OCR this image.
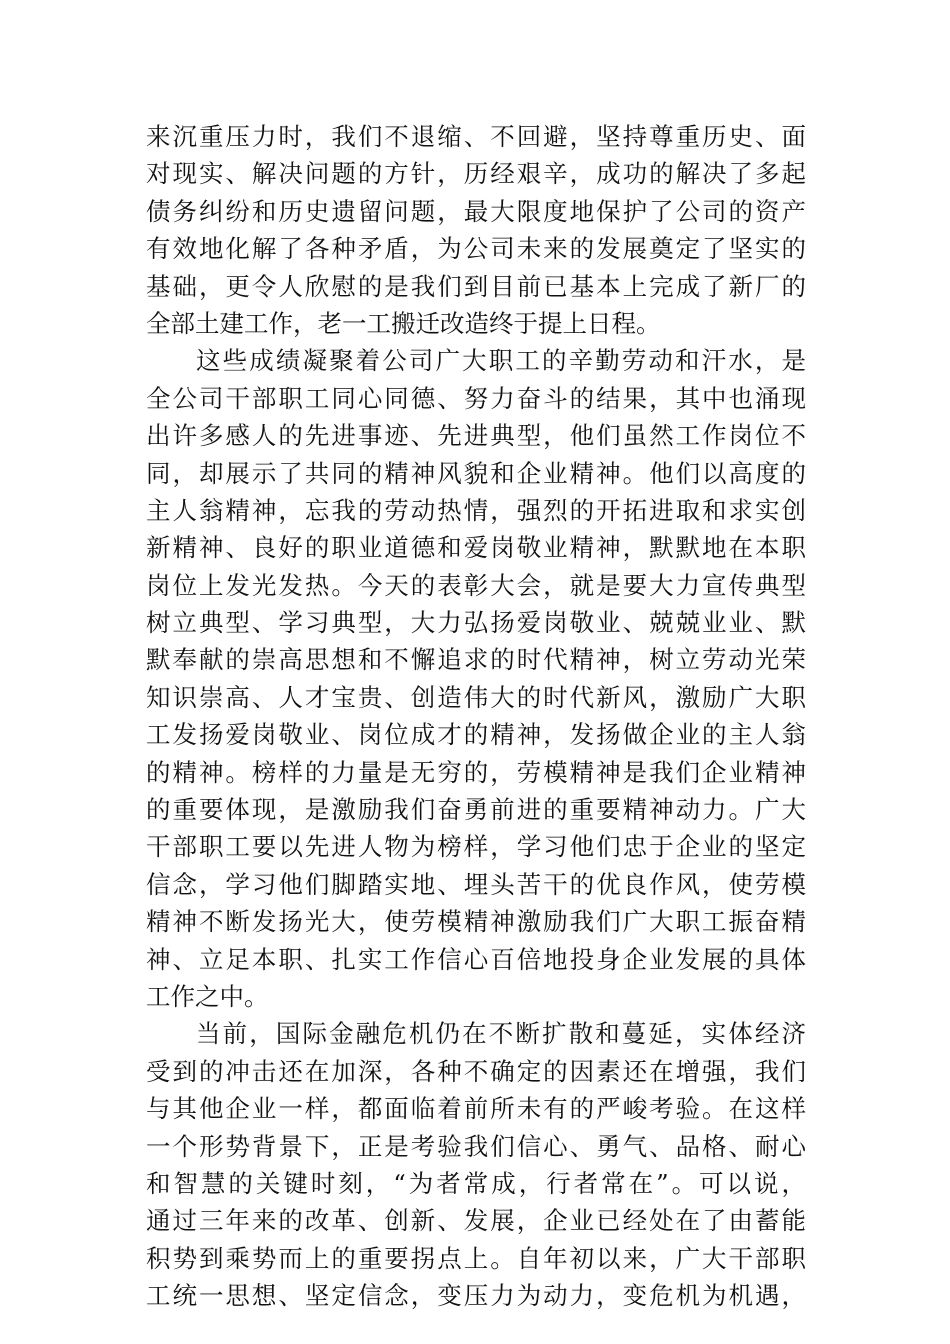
来沉重压力时，我们不退缩、不回避，坚持尊重历史、面
对现实、解决问题的方针，历经艰辛，成功的解决了多起
债务纠纷和历史遗留问题，最大限度地保护了公司的资产
有效地化解了各种矛盾，为公司未来的发展奠定了坚实的
基础，更令人欣慰的是我们到目前已基本上完成了新厂的
全部土建工作，老一工搬迁改造终于提上日程。
这些成绩凝聚着公司广大职工的辛勤劳动和汗水，是
全公司干部职工同心同德、努力奋斗的结果，其中也涌现
出许多感人的先进事迹、先进典型，他们虽然工作岗位不
同，却展示了共同的精神风貌和企业精神。他们以高度的
主人翁精神，忘我的劳动热情，强烈的开拓进取和求实创
新精神、良好的职业道德和爱岗敬业精神，默默地在本职
岗位上发光发热。今天的表彰大会，就是要大力宣传典型
树立典型、学习典型，大力弘扬爱岗敬业、兢兢业业、默
默奉献的崇高思想和不懈追求的时代精神，树立劳动光荣
知识崇高、人才宝贵、创造伟大的时代新风，激励广大职
工发扬爱岗敬业、岗位成才的精神，发扬做企业的主人翁
的精神。榜样的力量是无穷的，劳模精神是我们企业精神
的重要体现，是激励我们奋勇前进的重要精神动力。广大
干部职工要以先进人物为榜样，学习他们忠于企业的坚定
信念，学习他们脚踏实地、埋头苦干的优良作风，使劳模
精神不断发扬光大，使劳模精神激励我们广大职工振奋精
神、立足本职、扎实工作信心百倍地投身企业发展的具体
工作之中。
当前，国际金融危机仍在不断扩散和蔓延，实体经济
受到的冲击还在加深，各种不确定的因素还在增强，我们
与其他企业一样，都面临着前所未有的严峻考验。在这样
一个形势背景下，正是考验我们信心、勇气、品格、耐心
和智慧的关键时刻，“为者常成，行者常在”。可以说，
通过三年来的改革、创新、发展，企业已经处在了由蓄能
积势到乘势而上的重要拐点上。自年初以来，广大干部职
工统一思想、坚定信念，变压力为动力，变危机为机遇，
